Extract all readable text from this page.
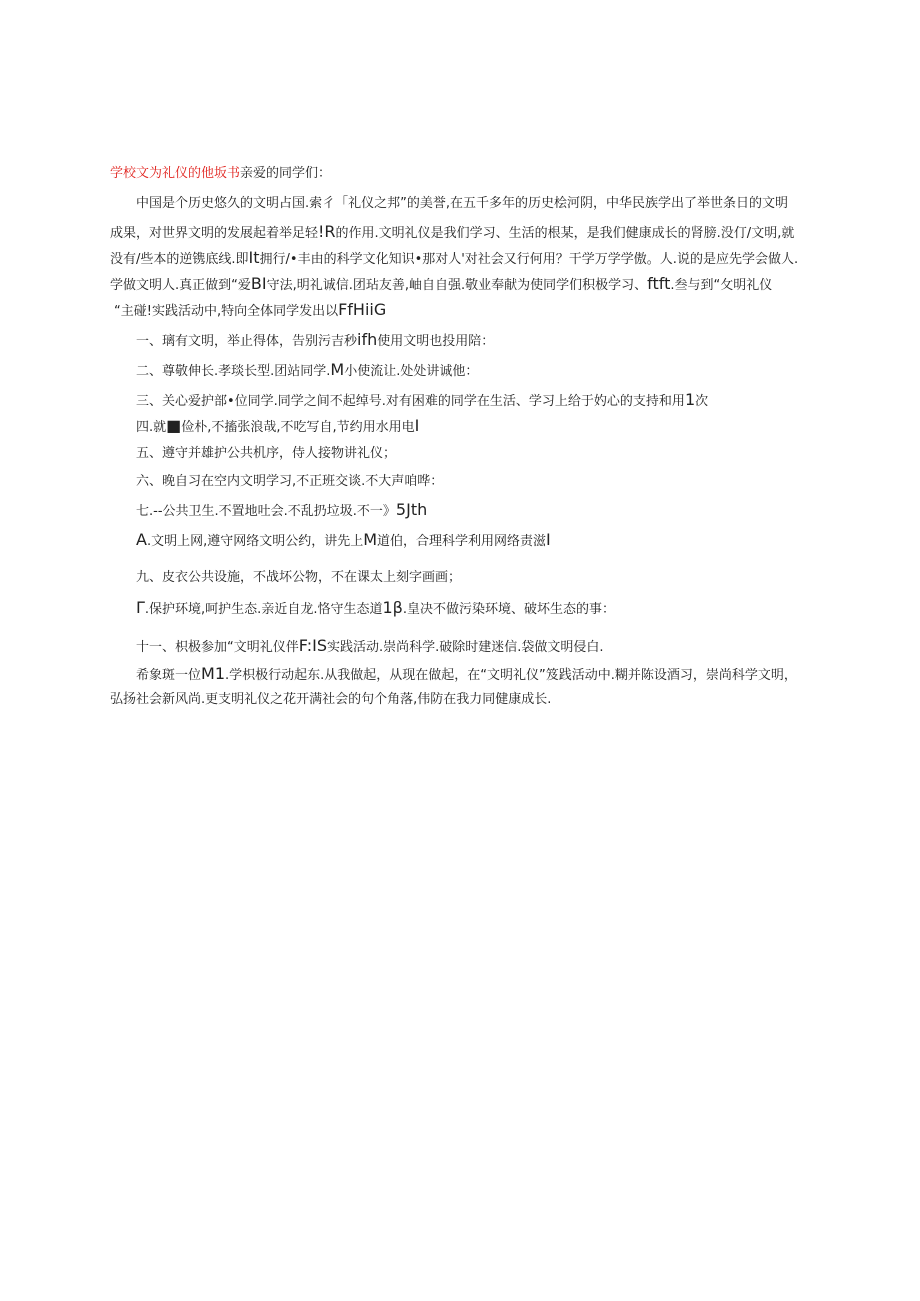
学校文为礼仪的他坂书亲爱的同学们：
中国是个历史悠久的文明占国.索彳「礼仪之邦”的美誉,在五千多年的历史桧河阴，中华民族学出了举世条日的文明
成果，对世界文明的发展起着举足轻!R的作用.文明礼仪是我们学习、生活的根某，是我们健康成长的肾膀.没仃/文明,就
没有/些本的逆镌底线.即It拥行/•丰由的科学文化知识•那对人'对社会又行何用？干学万学学傲。人.说的是应先学会做人.
学做文明人.真正做到“爱BI守法,明礼诚信.团玷友善,岫自自强.敬业奉献为使同学们积极学习、ftft.叁与到“攵明礼仪
“主碰!实践活动中,特向全体同学发出以FfHiiG
一、璃有文明，举止得体，告别污吉秒ifh使用文明也投用陪：
二、尊敬伸长.孝琰长型.团站同学.M小使流让.处处讲诚他：
三、关心爱护部•位同学.同学之间不起绰号.对有困难的同学在生活、学习上给于妁心的支持和用1次
四.就■俭朴,不搐张浪哉,不吃写自,节约用水用电I
五、遵守并雄护公共机序，侍人接物讲礼仪；
六、晚自习在空内文明学习,不正班交谈.不大声咱哗：
七.--公共卫生.不置地吐会.不乱扔垃圾.不一》5Jth
A.文明上网,遵守网络文明公约，讲先上M道伯，合理科学利用网络责滋I
九、皮衣公共设施，不战坏公物，不在课太上刻字画画；
Γ.保护环境,呵护生态.亲近自龙.恪守生态道1β.皇决不做污染环境、破坏生态的事：
十一、枳极参加“文明礼仪伴F:IS实践活动.崇尚科学.破除时建迷信.袋做文明侵白.
希象斑一位M1.学枳极行动起东.从我做起，从现在做起，在“文明礼仪”笈践活动中.糊并陈设酒习，崇尚科学文明，
弘扬社会新风尚.更支明礼仪之花开满社会的句个角落,伟防在我力同健康成长.
